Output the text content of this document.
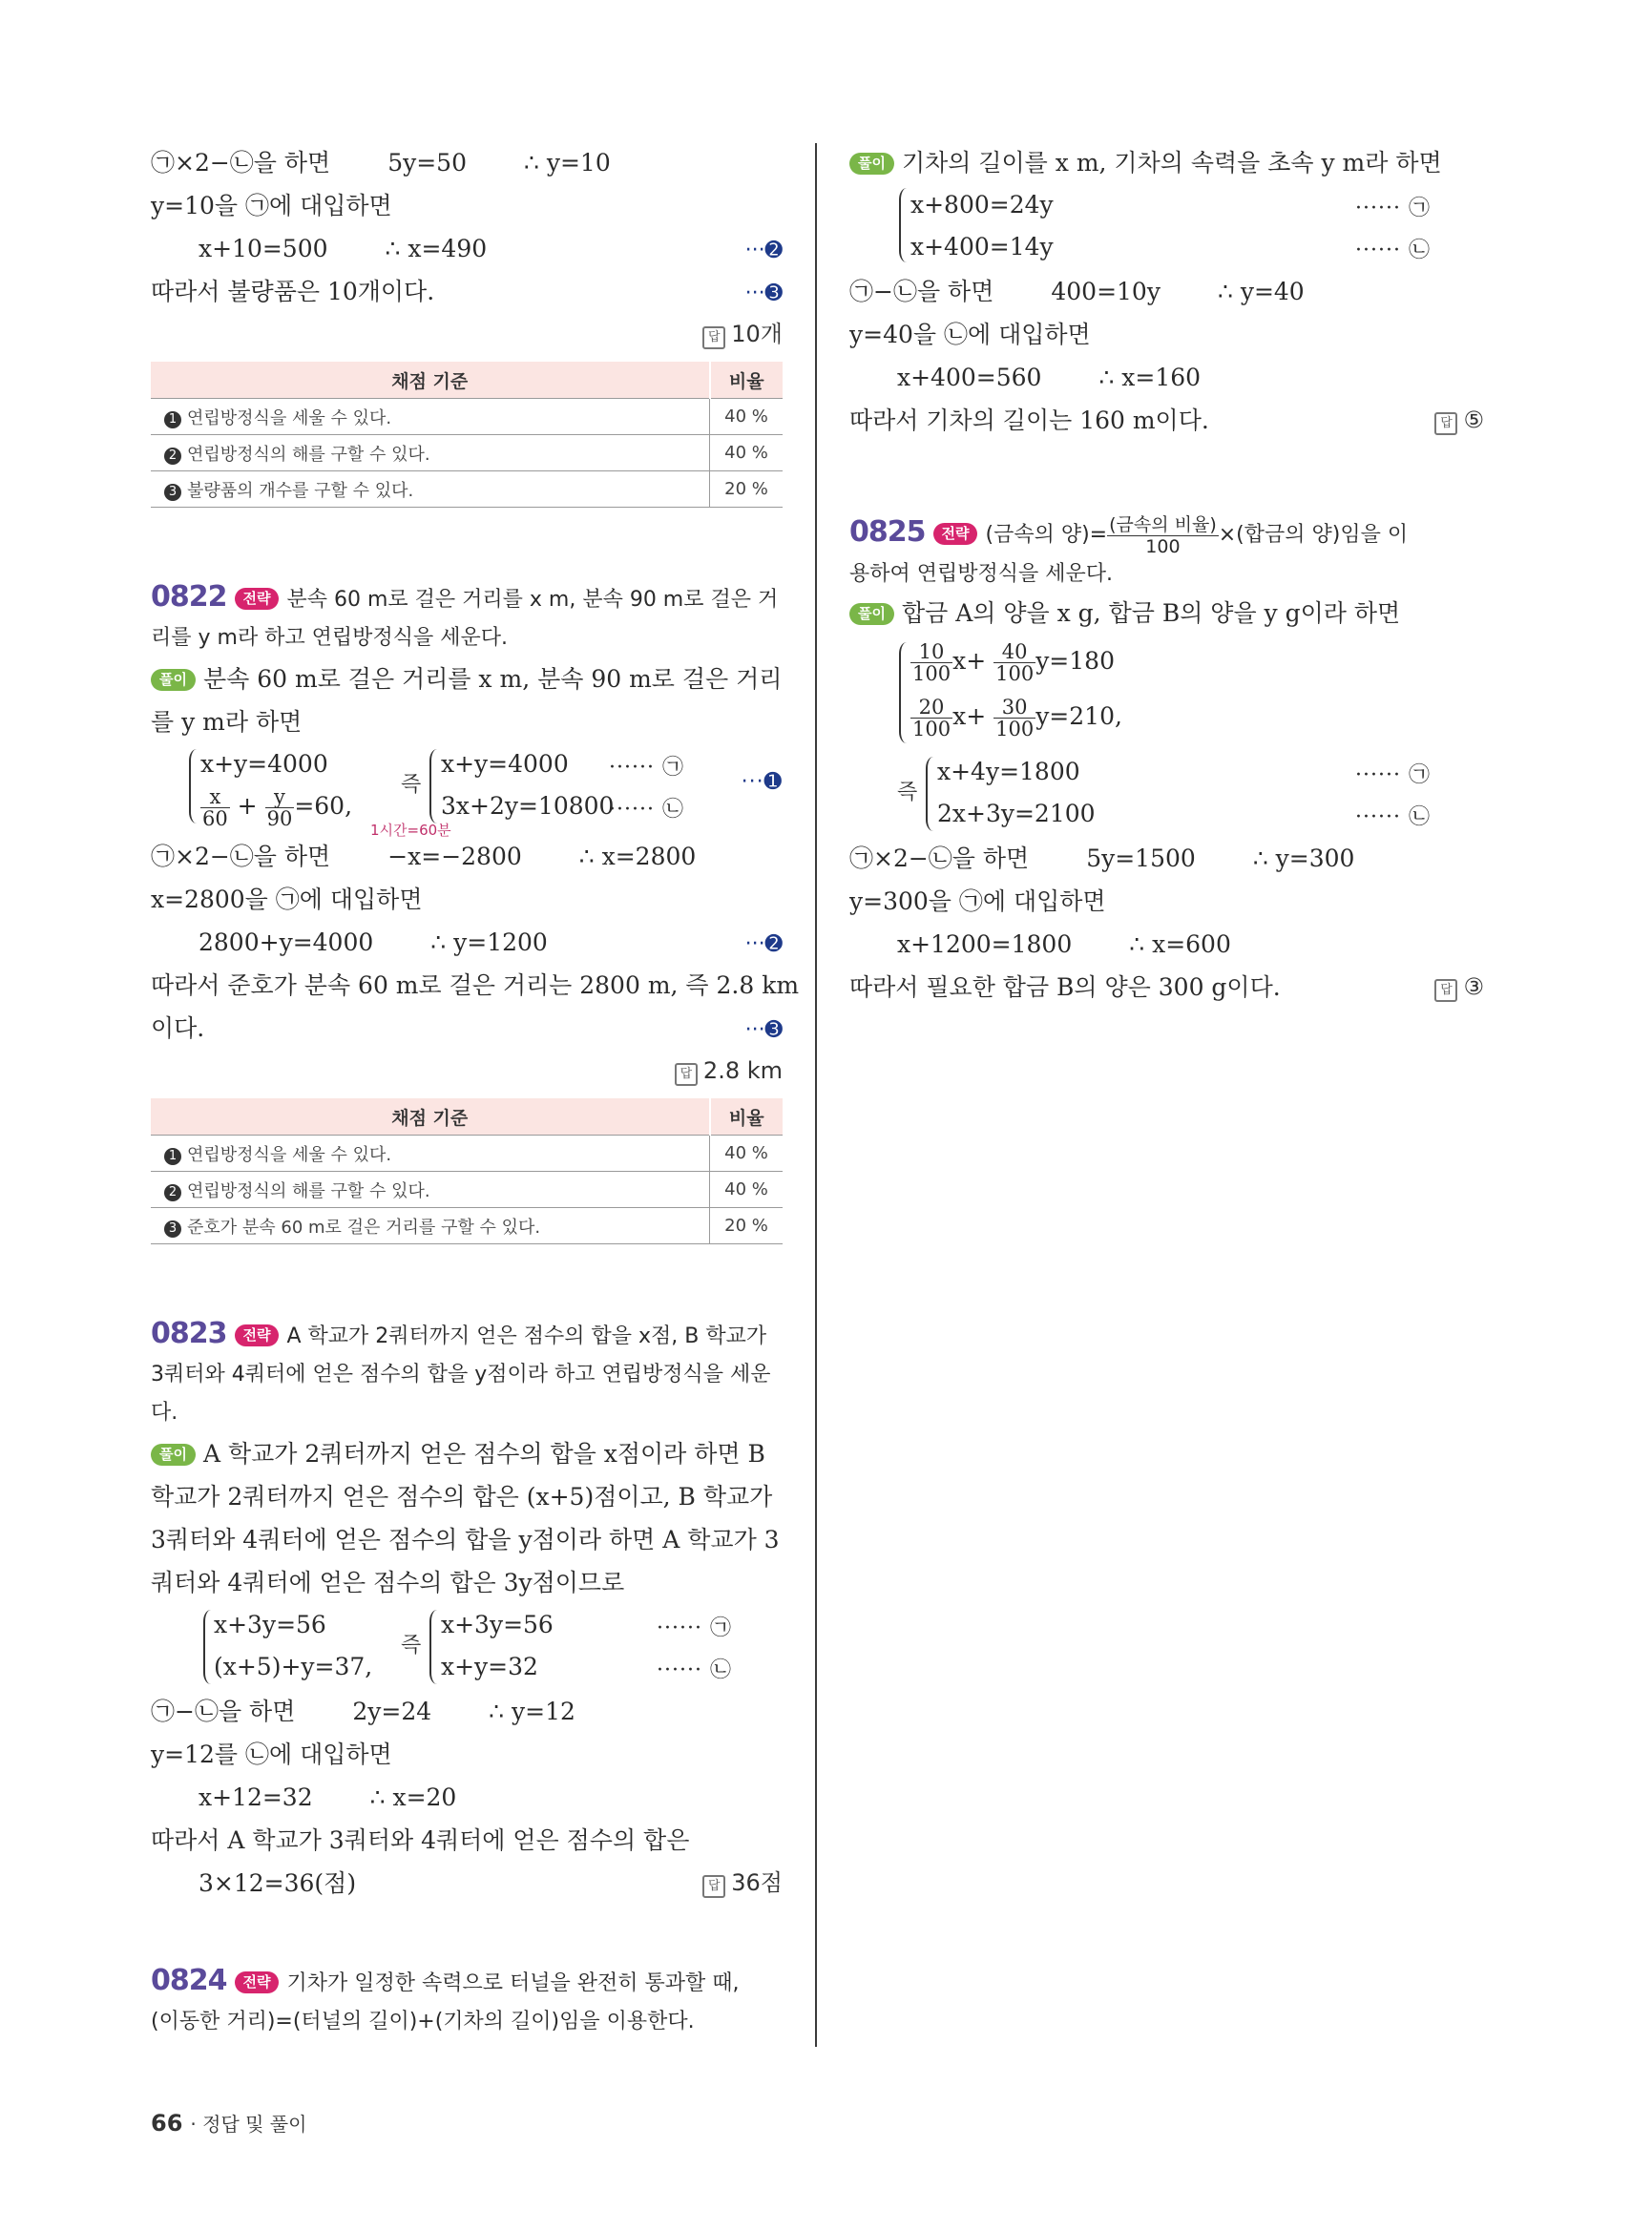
㉠×2−㉡을 하면 5y=50 ∴ y=10
y=10을 ㉠에 대입하면
x+10=500 ∴ x=490	···➋
따라서 불량품은 10개이다.	···➌
답 10개
채점 기준	비율
1 연립방정식을 세울 수 있다.	40 %
2 연립방정식의 해를 구할 수 있다.	40 %
3 불량품의 개수를 구할 수 있다.	20 %
0822 전략 분속 60 m로 걸은 거리를 x m, 분속 90 m로 걸은 거리를 y m라 하고 연립방정식을 세운다.
풀이 분속 60 m로 걸은 거리를 x m, 분속 90 m로 걸은 거리를 y m라 하면
x+y=4000
$\frac{x}{60} + \frac{y}{90} =60$,
즉
x+y=4000
3x+2y=10800
······ ㉠
······ ㉡
···➊
1시간=60분
㉠×2−㉡을 하면 −x=−2800 ∴ x=2800
x=2800을 ㉠에 대입하면
2800+y=4000 ∴ y=1200	···➋
따라서 준호가 분속 60 m로 걸은 거리는 2800 m, 즉 2.8 km
이다.	···➌
답 2.8 km
채점 기준	비율
1 연립방정식을 세울 수 있다.	40 %
2 연립방정식의 해를 구할 수 있다.	40 %
3 준호가 분속 60 m로 걸은 거리를 구할 수 있다.	20 %
0823 전략 A 학교가 2쿼터까지 얻은 점수의 합을 x점, B 학교가
3쿼터와 4쿼터에 얻은 점수의 합을 y점이라 하고 연립방정식을 세운
다.
풀이 A 학교가 2쿼터까지 얻은 점수의 합을 x점이라 하면 B
학교가 2쿼터까지 얻은 점수의 합은 (x+5)점이고, B 학교가
3쿼터와 4쿼터에 얻은 점수의 합을 y점이라 하면 A 학교가 3
쿼터와 4쿼터에 얻은 점수의 합은 3y점이므로
x+3y=56
(x+5)+y=37,
즉
x+3y=56
x+y=32
······ ㉠
······ ㉡
㉠−㉡을 하면 2y=24 ∴ y=12
y=12를 ㉡에 대입하면
x+12=32 ∴ x=20
따라서 A 학교가 3쿼터와 4쿼터에 얻은 점수의 합은
3×12=36(점)	답 36점
0824 전략 기차가 일정한 속력으로 터널을 완전히 통과할 때,
(이동한 거리)=(터널의 길이)+(기차의 길이)임을 이용한다.
풀이 기차의 길이를 x m, 기차의 속력을 초속 y m라 하면
x+800=24y
x+400=14y
······ ㉠
······ ㉡
㉠−㉡을 하면 400=10y ∴ y=40
y=40을 ㉡에 대입하면
x+400=560 ∴ x=160
따라서 기차의 길이는 160 m이다.	답 ⑤
0825 전략 (금속의 양)= $\frac{\text{(금속의 비율)}}{100}$ ×(합금의 양)임을 이
용하여 연립방정식을 세운다.
풀이 합금 A의 양을 x g, 합금 B의 양을 y g이라 하면
$\frac{10}{100} x+ \frac{40}{100} y=180$
$\frac{20}{100} x+ \frac{30}{100} y=210$,
즉
x+4y=1800
2x+3y=2100
······ ㉠
······ ㉡
㉠×2−㉡을 하면 5y=1500 ∴ y=300
y=300을 ㉠에 대입하면
x+1200=1800 ∴ x=600
따라서 필요한 합금 B의 양은 300 g이다.	답 ③
66 · 정답 및 풀이
